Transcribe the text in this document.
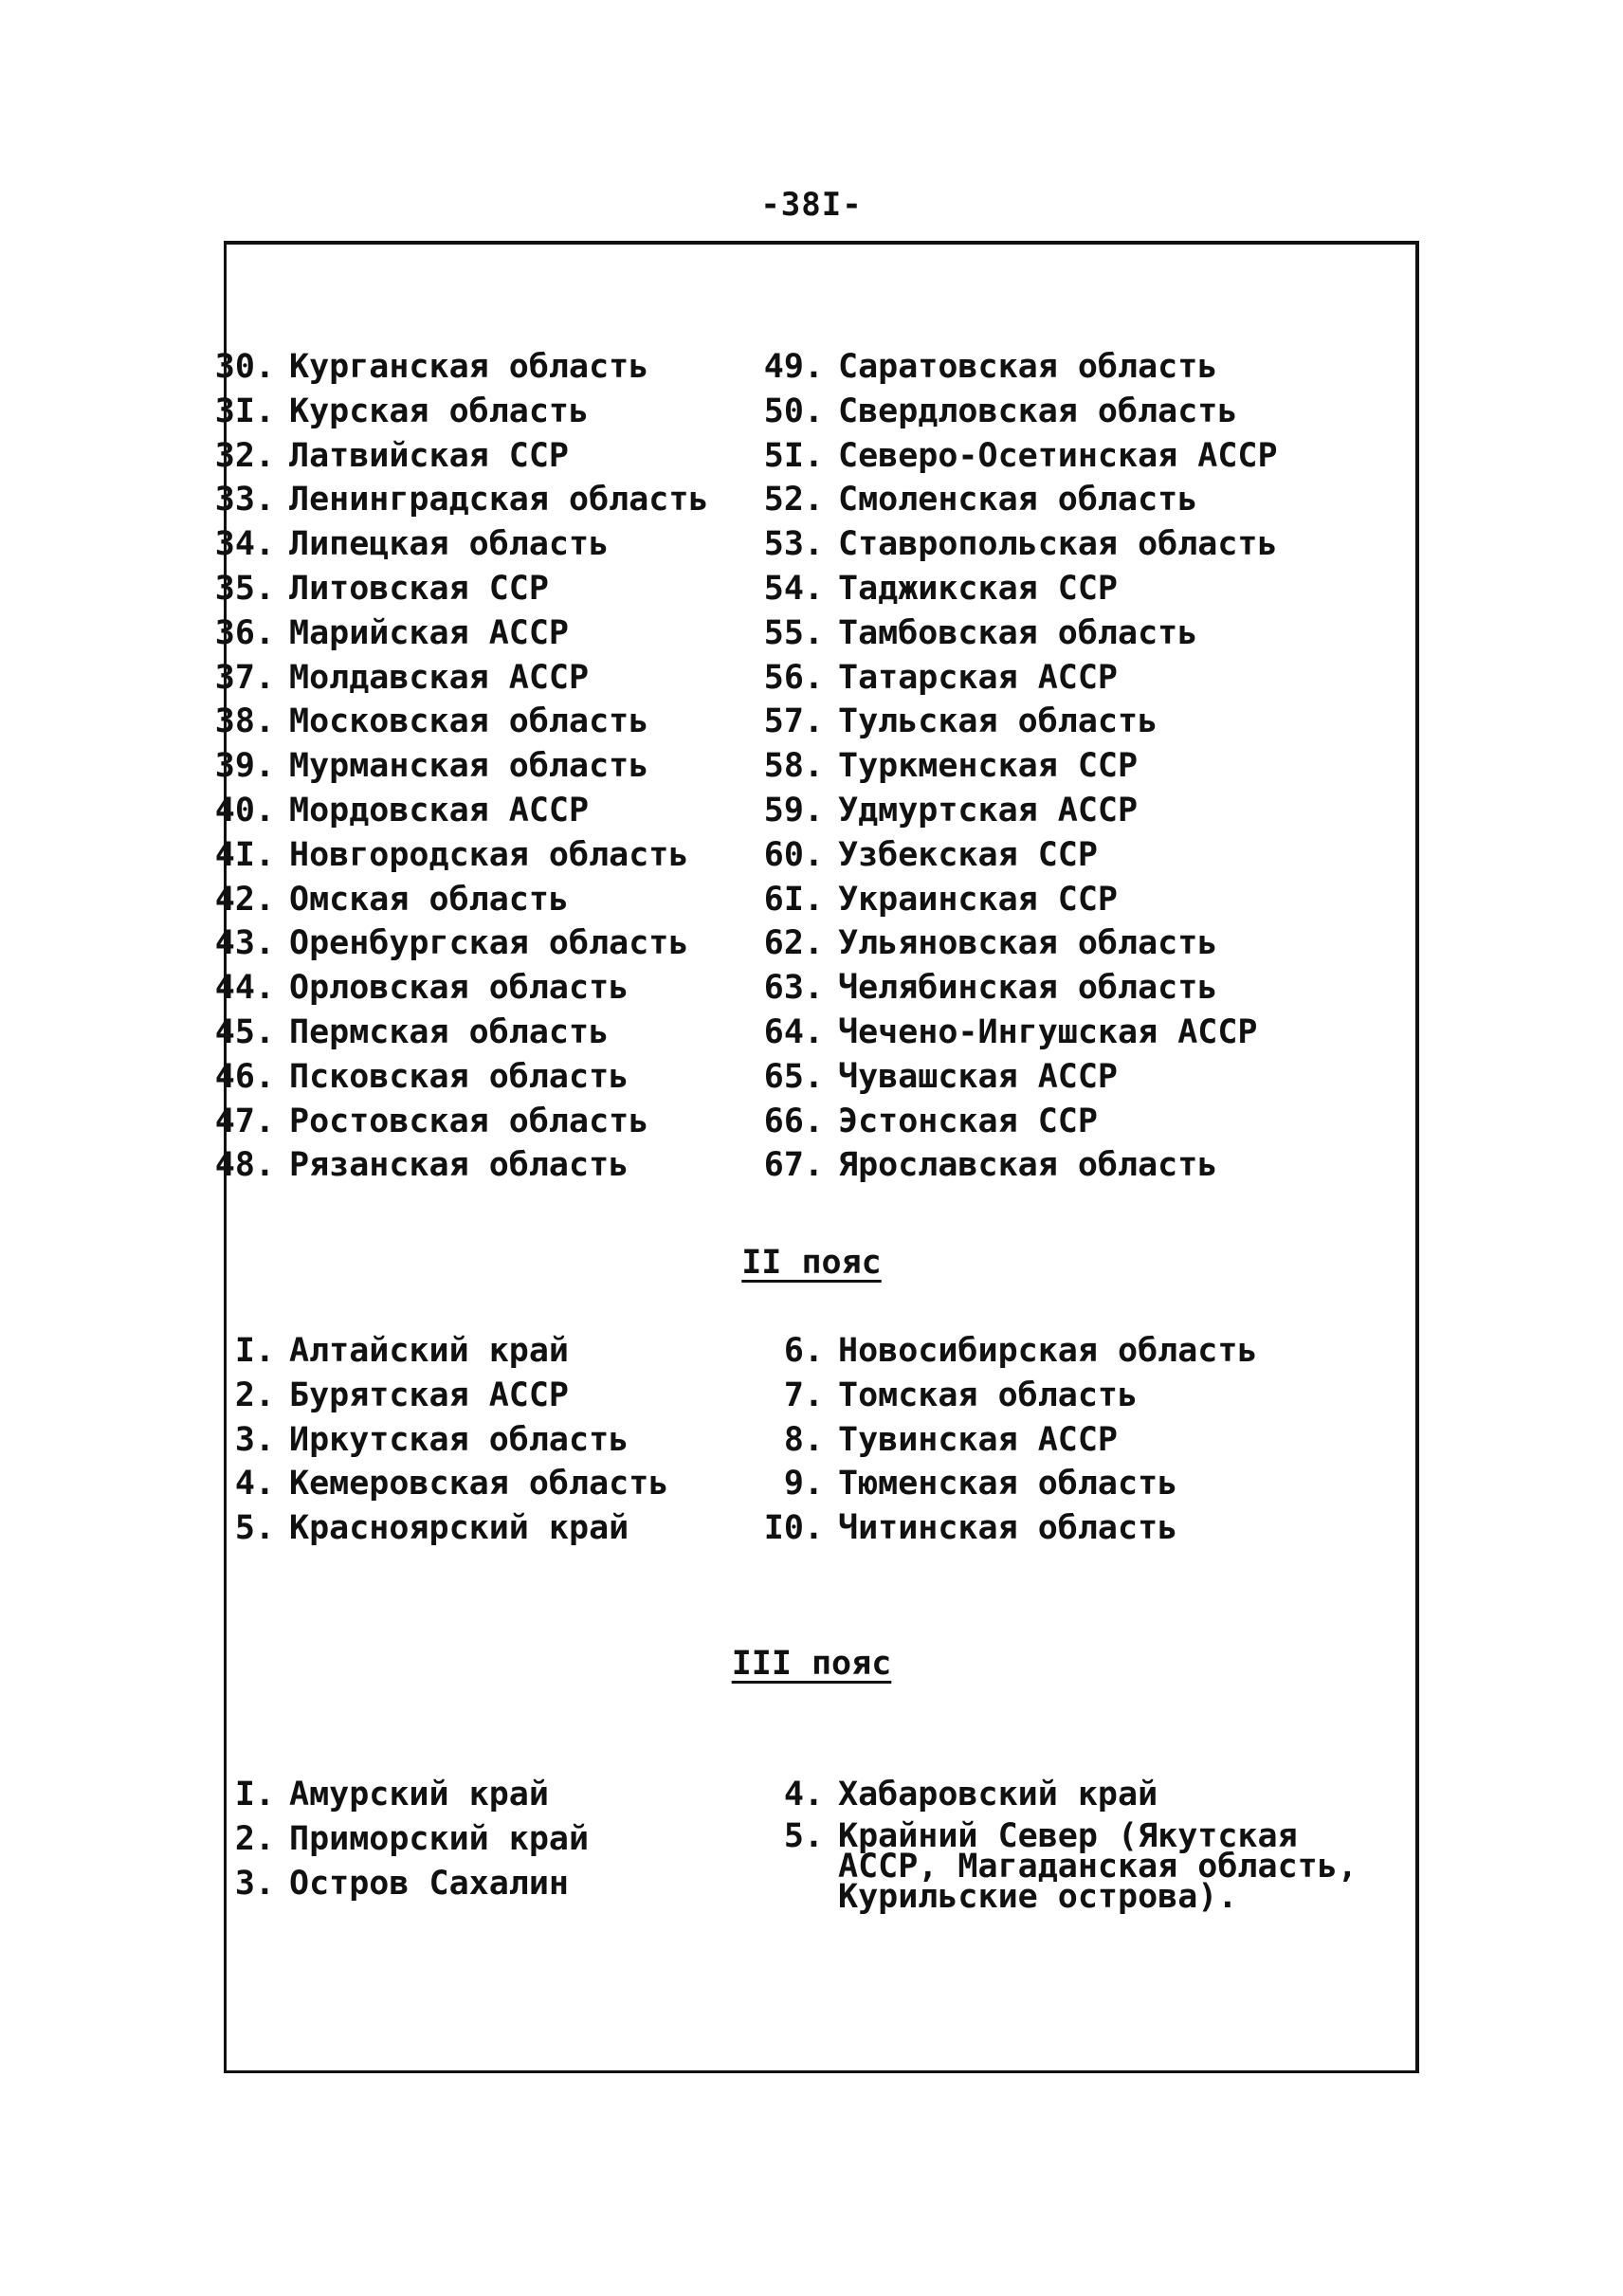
-38I-
30. Курганская область
3I. Курская область
32. Латвийская ССР
33. Ленинградская область
34. Липецкая область
35. Литовская ССР
36. Марийская АССР
37. Молдавская АССР
38. Московская область
39. Мурманская область
40. Мордовская АССР
4I. Новгородская область
42. Омская область
43. Оренбургская область
44. Орловская область
45. Пермская область
46. Псковская область
47. Ростовская область
48. Рязанская область
49. Саратовская область
50. Свердловская область
5I. Северо-Осетинская АССР
52. Смоленская область
53. Ставропольская область
54. Таджикская ССР
55. Тамбовская область
56. Татарская АССР
57. Тульская область
58. Туркменская ССР
59. Удмуртская АССР
60. Узбекская ССР
6I. Украинская ССР
62. Ульяновская область
63. Челябинская область
64. Чечено-Ингушская АССР
65. Чувашская АССР
66. Эстонская ССР
67. Ярославская область
II пояс
I. Алтайский край
2. Бурятская АССР
3. Иркутская область
4. Кемеровская область
5. Красноярский край
6. Новосибирская область
7. Томская область
8. Тувинская АССР
9. Тюменская область
I0. Читинская область
III пояс
I. Амурский край
2. Приморский край
3. Остров Сахалин
4. Хабаровский край
5. Крайний Север (Якутская АССР, Магаданская область, Курильские острова).
